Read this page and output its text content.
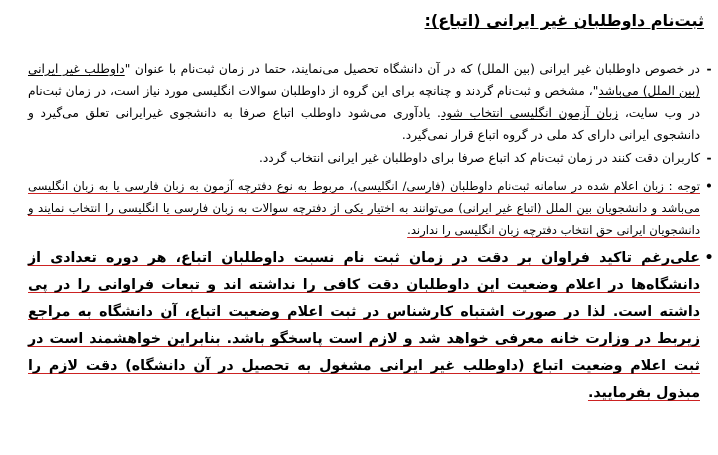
ثبت‌نام داوطلبان غیر ایرانی (اتباع):
-
در خصوص داوطلبان غیر ایرانی (بین الملل) که در آن دانشگاه تحصیل می‌نمایند، حتما در زمان ثبت‌نام با عنوان "داوطلب غیر ایرانی (بین الملل) می‌باشد"، مشخص و ثبت‌نام گردند و چنانچه برای این گروه از داوطلبان سوالات انگلیسی مورد نیاز است، در زمان ثبت‌نام در وب سایت، زبان آزمون انگلیسی انتخاب شود. یادآوری می‌شود داوطلب اتباع صرفا به دانشجوی غیرایرانی تعلق می‌گیرد و دانشجوی ایرانی دارای کد ملی در گروه اتباع قرار نمی‌گیرد.
-
کاربران دقت کنند در زمان ثبت‌نام کد اتباع صرفا برای داوطلبان غیر ایرانی انتخاب گردد.
•
توجه : زبان اعلام شده در سامانه ثبت‌نام داوطلبان (فارسی/ انگلیسی)، مربوط به نوع دفترچه آزمون به زبان فارسی یا به زبان انگلیسی می‌باشد و دانشجویان بین الملل (اتباع غیر ایرانی) می‌توانند به اختیار یکی از دفترچه سوالات به زبان فارسی یا انگلیسی را انتخاب نمایند و دانشجویان ایرانی حق انتخاب دفترچه زبان انگلیسی را ندارند.
•
علی‌رغم تاکید فراوان بر دقت در زمان ثبت نام نسبت داوطلبان اتباع، هر دوره تعدادی از دانشگاه‌ها در اعلام وضعیت این داوطلبان دقت کافی را نداشته اند و تبعات فراوانی را در پی داشته است. لذا در صورت اشتباه کارشناس در ثبت اعلام وضعیت اتباع، آن دانشگاه به مراجع زیربط در وزارت خانه معرفی خواهد شد و لازم است پاسخگو باشد. بنابراین خواهشمند است در ثبت اعلام وضعیت اتباع (داوطلب غیر ایرانی مشغول به تحصیل در آن دانشگاه) دقت لازم را مبذول بفرمایید.
